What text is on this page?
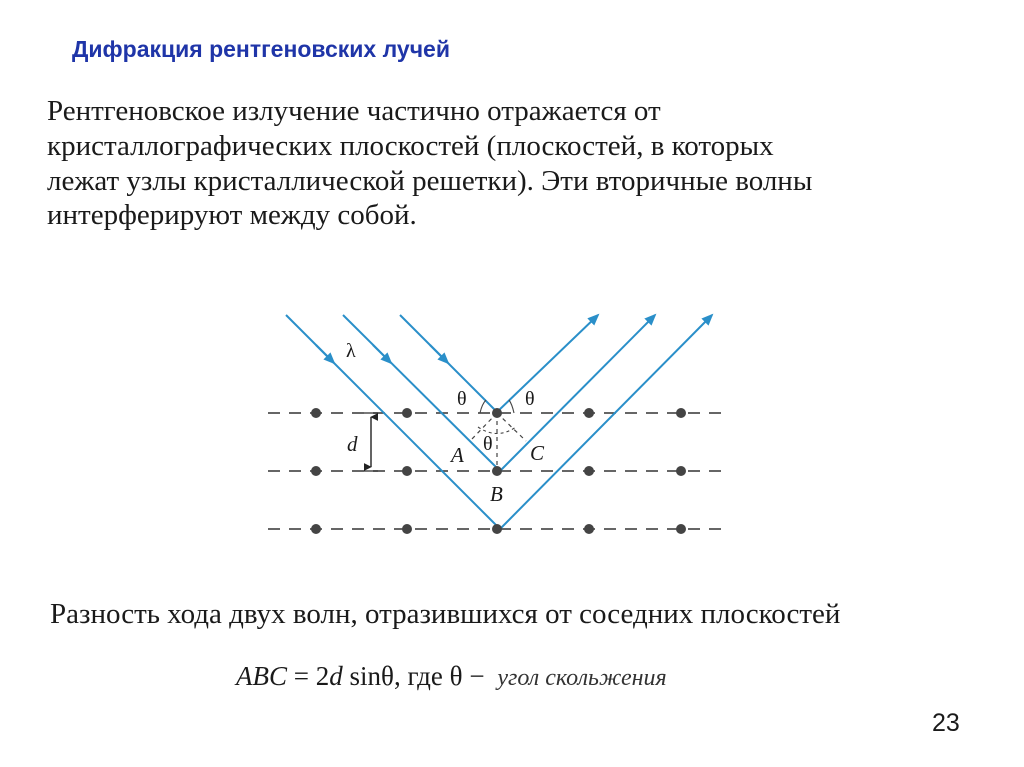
Дифракция рентгеновских лучей
Рентгеновское излучение частично отражается от
кристаллографических плоскостей (плоскостей, в которых
лежат узлы кристаллической решетки). Эти вторичные волны
интерферируют между собой.
λ
θ	θ
θ
d	A
B
C
Разность хода двух волн, отразившихся от соседних плоскостей
ABC = 2d sinθ, где θ − угол скольжения
23
